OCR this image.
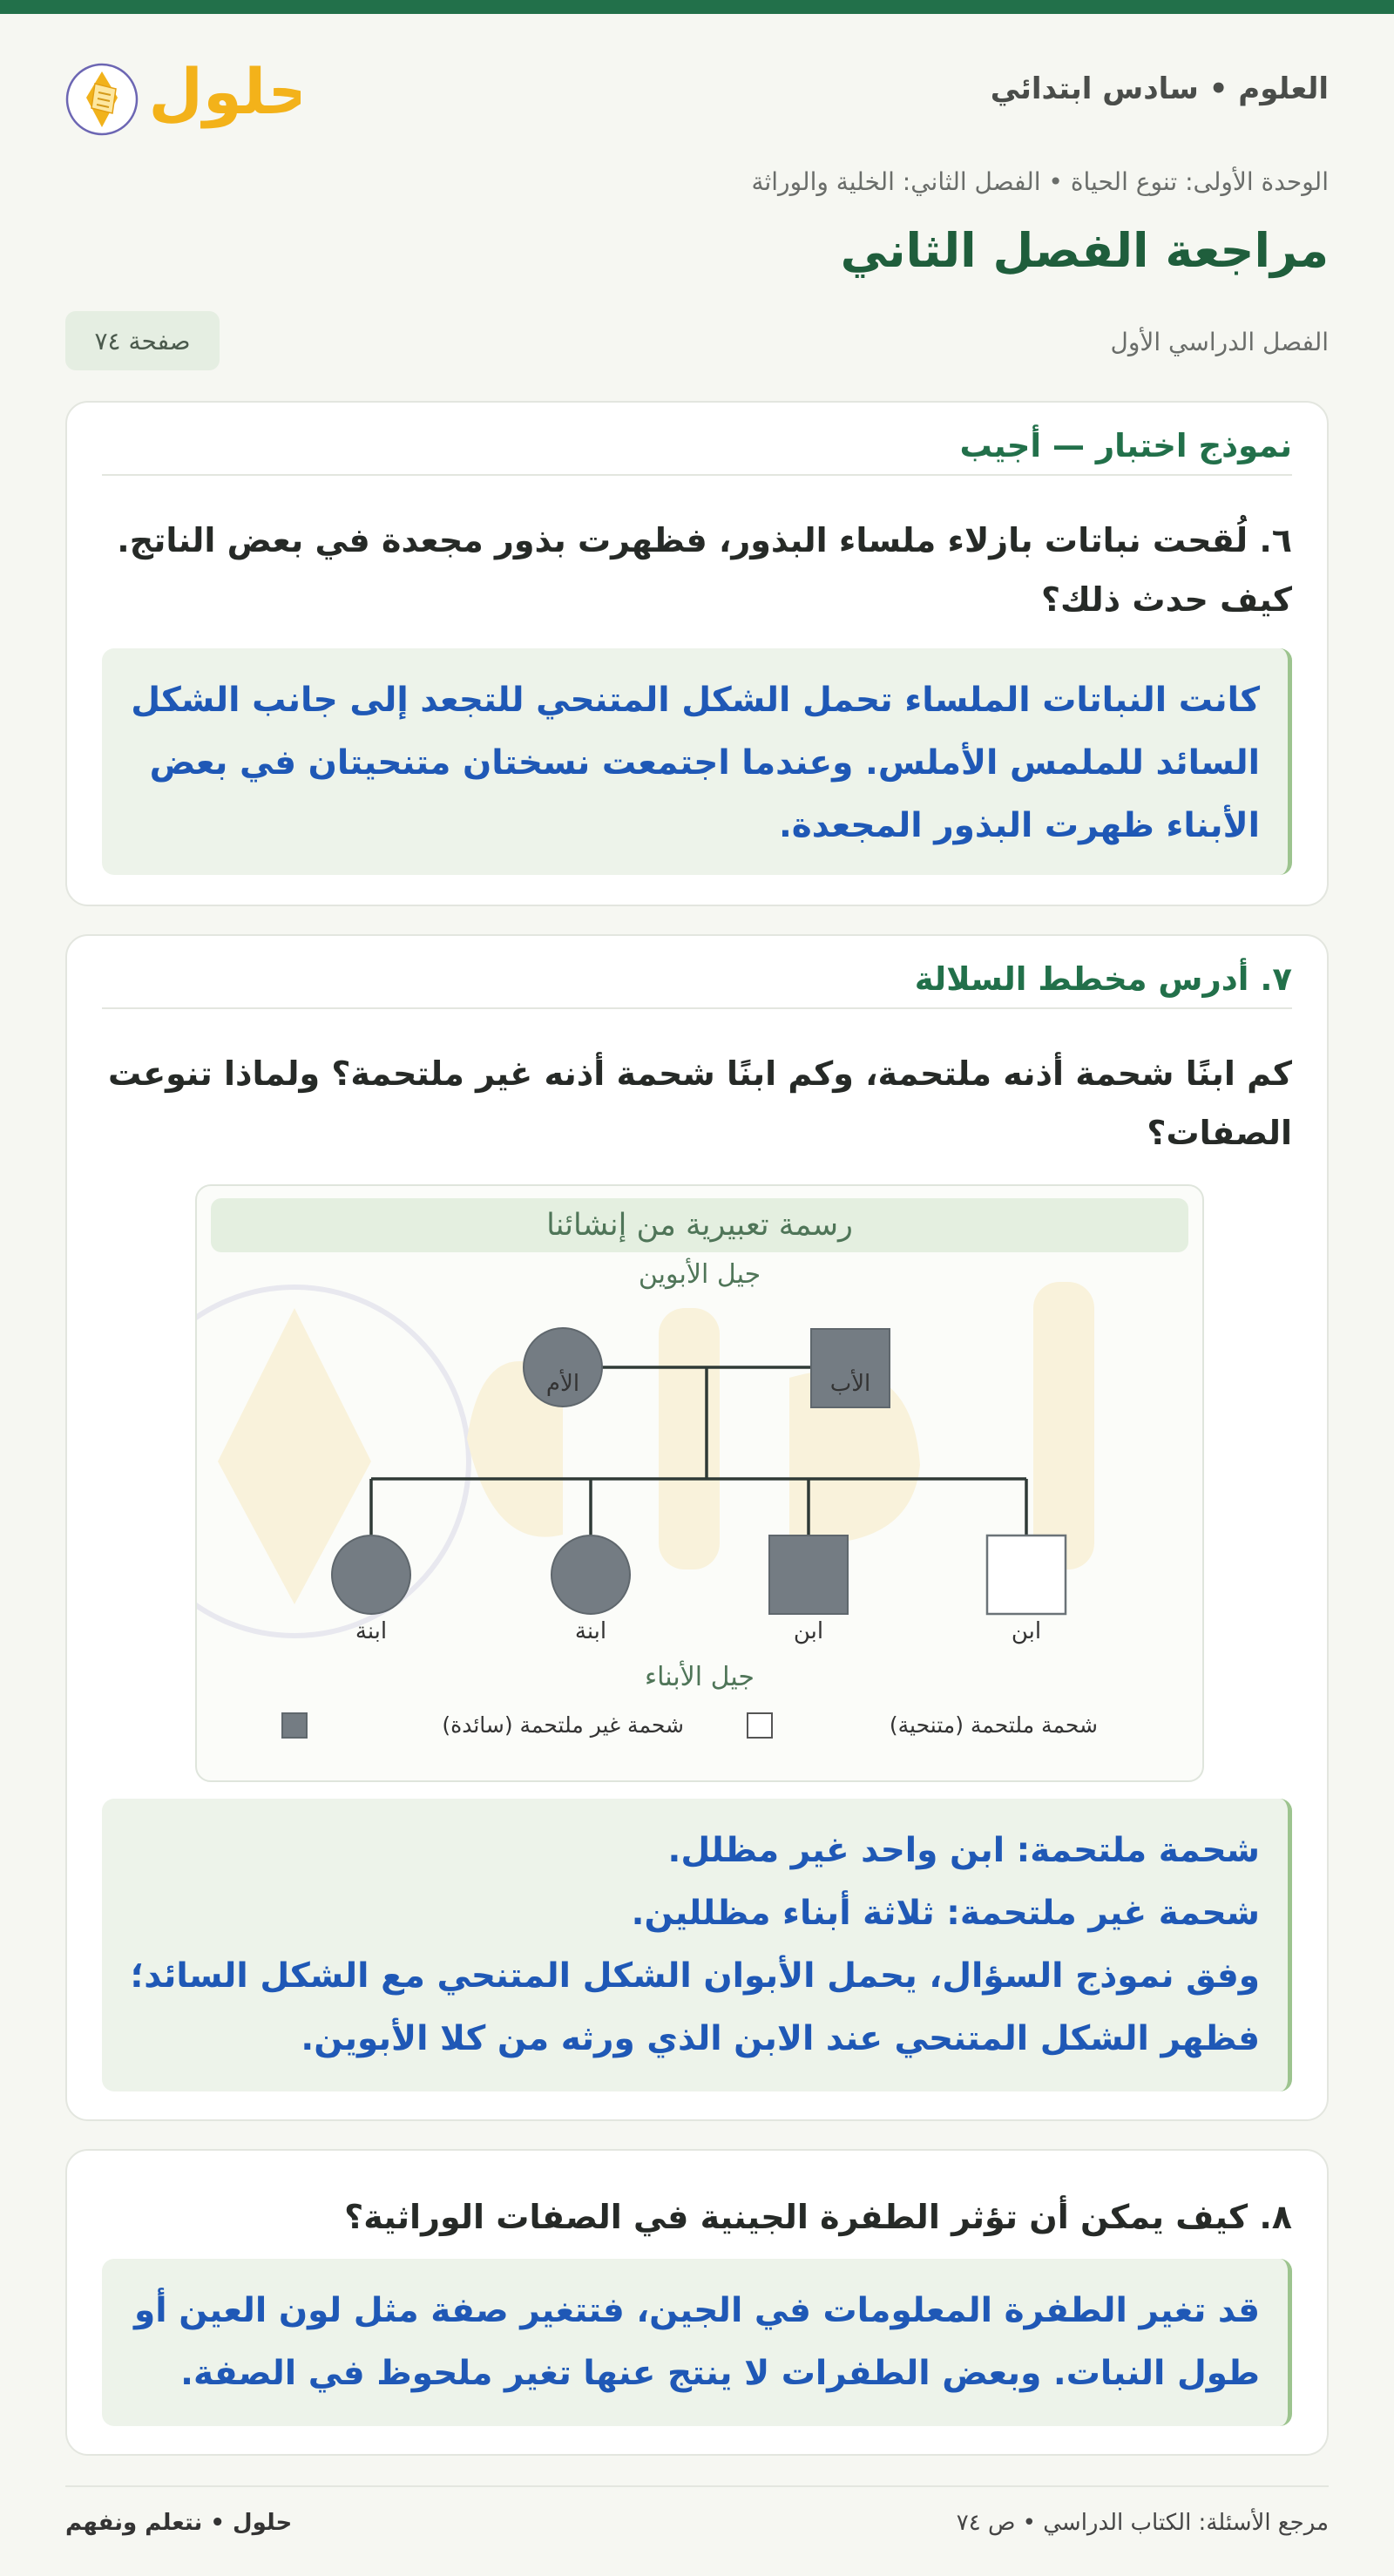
العلوم • سادس ابتدائي
حلول
الوحدة الأولى: تنوع الحياة • الفصل الثاني: الخلية والوراثة
مراجعة الفصل الثاني
الفصل الدراسي الأول
صفحة ٧٤
نموذج اختبار — أجيب
٦. لُقحت نباتات بازلاء ملساء البذور، فظهرت بذور مجعدة في بعض الناتج. كيف حدث ذلك؟
كانت النباتات الملساء تحمل الشكل المتنحي للتجعد إلى جانب الشكل السائد للملمس الأملس. وعندما اجتمعت نسختان متنحيتان في بعض الأبناء ظهرت البذور المجعدة.
٧. أدرس مخطط السلالة
كم ابنًا شحمة أذنه ملتحمة، وكم ابنًا شحمة أذنه غير ملتحمة؟ ولماذا تنوعت الصفات؟
رسمة تعبيرية من إنشائنا
جيل الأبوين
الأم	الأب
ابنة	ابنة	ابن	ابن
جيل الأبناء
شحمة ملتحمة (متنحية)
شحمة غير ملتحمة (سائدة)
شحمة ملتحمة: ابن واحد غير مظلل.
شحمة غير ملتحمة: ثلاثة أبناء مظللين.
وفق نموذج السؤال، يحمل الأبوان الشكل المتنحي مع الشكل السائد؛ فظهر الشكل المتنحي عند الابن الذي ورثه من كلا الأبوين.
٨. كيف يمكن أن تؤثر الطفرة الجينية في الصفات الوراثية؟
قد تغير الطفرة المعلومات في الجين، فتتغير صفة مثل لون العين أو طول النبات. وبعض الطفرات لا ينتج عنها تغير ملحوظ في الصفة.
مرجع الأسئلة: الكتاب الدراسي • ص ٧٤
حلول • نتعلم ونفهم
